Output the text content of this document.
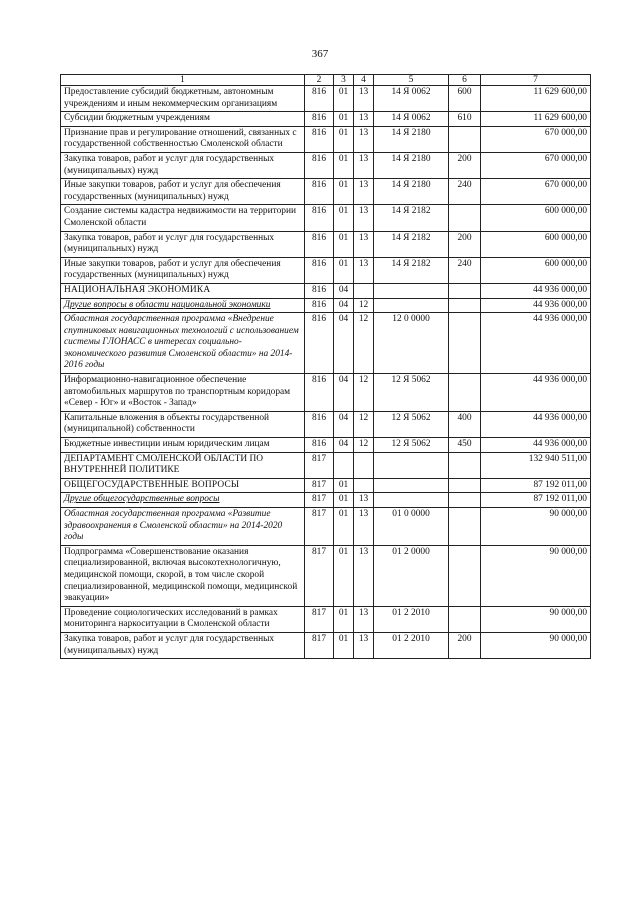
367
1	2	3	4	5	6	7
Предоставление субсидий бюджетным, автономным учреждениям и иным некоммерческим организациям	816	01	13	14 Я 0062	600	11 629 600,00
Субсидии бюджетным учреждениям	816	01	13	14 Я 0062	610	11 629 600,00
Признание прав и регулирование отношений, связанных с государственной собственностью Смоленской области	816	01	13	14 Я 2180		670 000,00
Закупка товаров, работ и услуг для государственных (муниципальных) нужд	816	01	13	14 Я 2180	200	670 000,00
Иные закупки товаров, работ и услуг для обеспечения государственных (муниципальных) нужд	816	01	13	14 Я 2180	240	670 000,00
Создание системы кадастра недвижимости на территории Смоленской области	816	01	13	14 Я 2182		600 000,00
Закупка товаров, работ и услуг для государственных (муниципальных) нужд	816	01	13	14 Я 2182	200	600 000,00
Иные закупки товаров, работ и услуг для обеспечения государственных (муниципальных) нужд	816	01	13	14 Я 2182	240	600 000,00
НАЦИОНАЛЬНАЯ ЭКОНОМИКА	816	04				44 936 000,00
Другие вопросы в области национальной экономики	816	04	12			44 936 000,00
Областная государственная программа «Внедрение спутниковых навигационных технологий с использованием системы ГЛОНАСС в интересах социально-экономического развития Смоленской области» на 2014-2016 годы	816	04	12	12 0 0000		44 936 000,00
Информационно-навигационное обеспечение автомобильных маршрутов по транспортным коридорам «Север - Юг» и «Восток - Запад»	816	04	12	12 Я 5062		44 936 000,00
Капитальные вложения в объекты государственной (муниципальной) собственности	816	04	12	12 Я 5062	400	44 936 000,00
Бюджетные инвестиции иным юридическим лицам	816	04	12	12 Я 5062	450	44 936 000,00
ДЕПАРТАМЕНТ СМОЛЕНСКОЙ ОБЛАСТИ ПО ВНУТРЕННЕЙ ПОЛИТИКЕ	817					132 940 511,00
ОБЩЕГОСУДАРСТВЕННЫЕ ВОПРОСЫ	817	01				87 192 011,00
Другие общегосударственные вопросы	817	01	13			87 192 011,00
Областная государственная программа «Развитие здравоохранения в Смоленской области» на 2014-2020 годы	817	01	13	01 0 0000		90 000,00
Подпрограмма «Совершенствование оказания специализированной, включая высокотехнологичную, медицинской помощи, скорой, в том числе скорой специализированной, медицинской помощи, медицинской эвакуации»	817	01	13	01 2 0000		90 000,00
Проведение социологических исследований в рамках мониторинга наркоситуации в Смоленской области	817	01	13	01 2 2010		90 000,00
Закупка товаров, работ и услуг для государственных (муниципальных) нужд	817	01	13	01 2 2010	200	90 000,00
